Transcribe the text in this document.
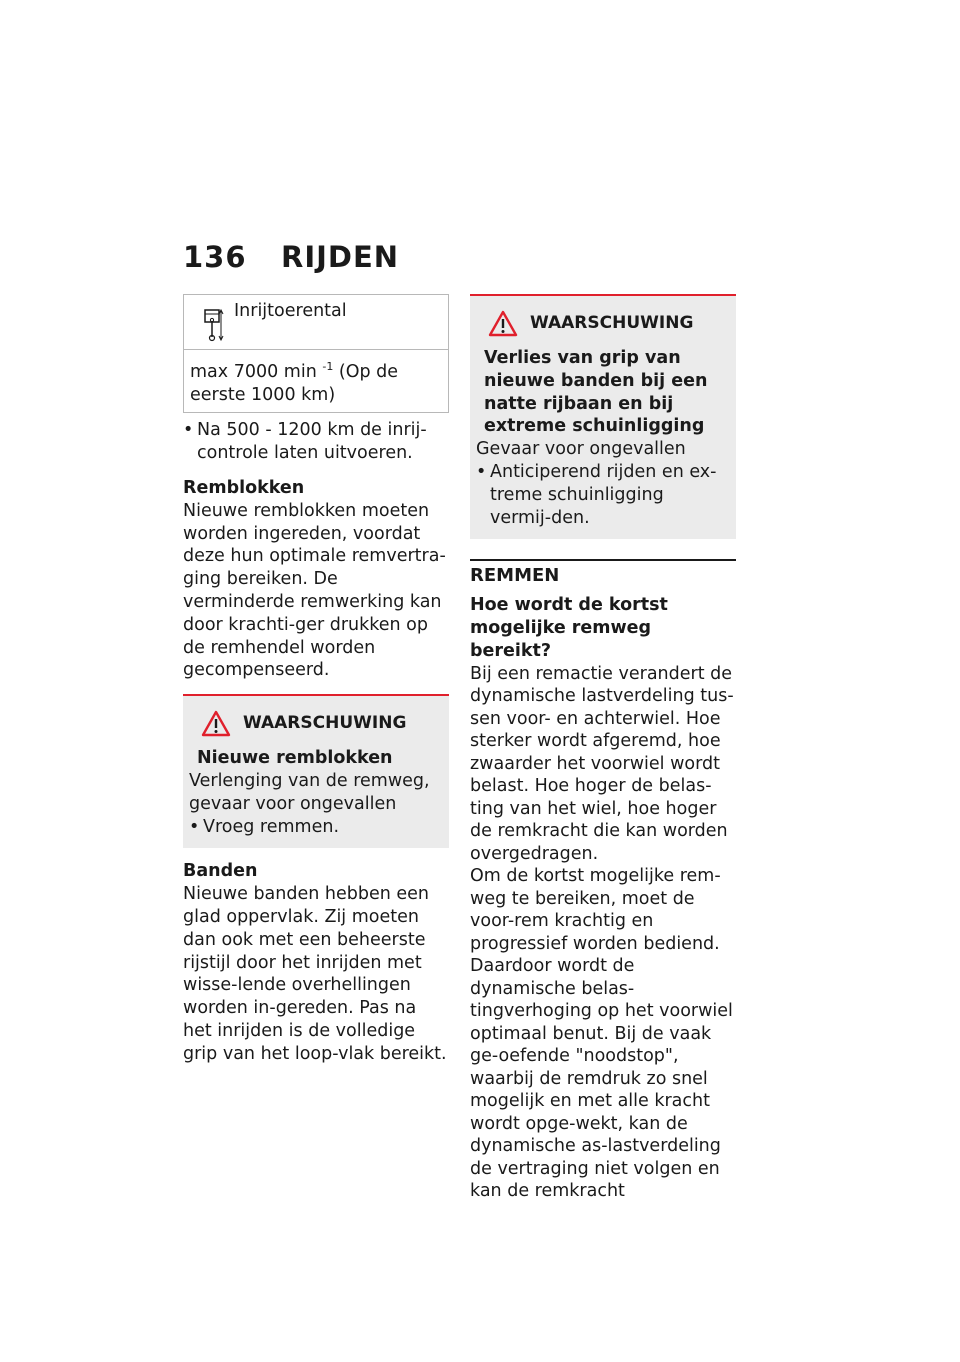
136 RIJDEN
Inrijtoerental
max 7000 min $^{-1}$ (Op de eerste 1000 km)

• Na 500 - 1200 km de inrij-controle laten uitvoeren.

Remblokken

Nieuwe remblokken moeten worden ingereden, voordat deze hun optimale remvertra-ging bereiken. De verminderde remwerking kan door krachti-ger drukken op de remhendel worden gecompenseerd.

WAARSCHUWING

Nieuwe remblokken

Verlenging van de remweg, gevaar voor ongevallen

• Vroeg remmen.

Banden

Nieuwe banden hebben een glad oppervlak. Zij moeten dan ook met een beheerste rijstijl door het inrijden met wisse-lende overhellingen worden in-gereden. Pas na het inrijden is de volledige grip van het loop-vlak bereikt.

WAARSCHUWING

Verlies van grip van nieuwe banden bij een natte rijbaan en bij extreme schuinligging

Gevaar voor ongevallen

• Anticiperend rijden en ex-treme schuinligging vermij-den.

REMMEN

Hoe wordt de kortst mogelijke remweg bereikt?

Bij een remactie verandert de dynamische lastverdeling tus-sen voor- en achterwiel. Hoe sterker wordt afgeremd, hoe zwaarder het voorwiel wordt belast. Hoe hoger de belas-ting van het wiel, hoe hoger de remkracht die kan worden overgedragen.

Om de kortst mogelijke rem-weg te bereiken, moet de voor-rem krachtig en progressief worden bediend. Daardoor wordt de dynamische belas-tingverhoging op het voorwiel optimaal benut. Bij de vaak ge-oefende "noodstop", waarbij de remdruk zo snel mogelijk en met alle kracht wordt opge-wekt, kan de dynamische as-lastverdeling de vertraging niet volgen en kan de remkracht
